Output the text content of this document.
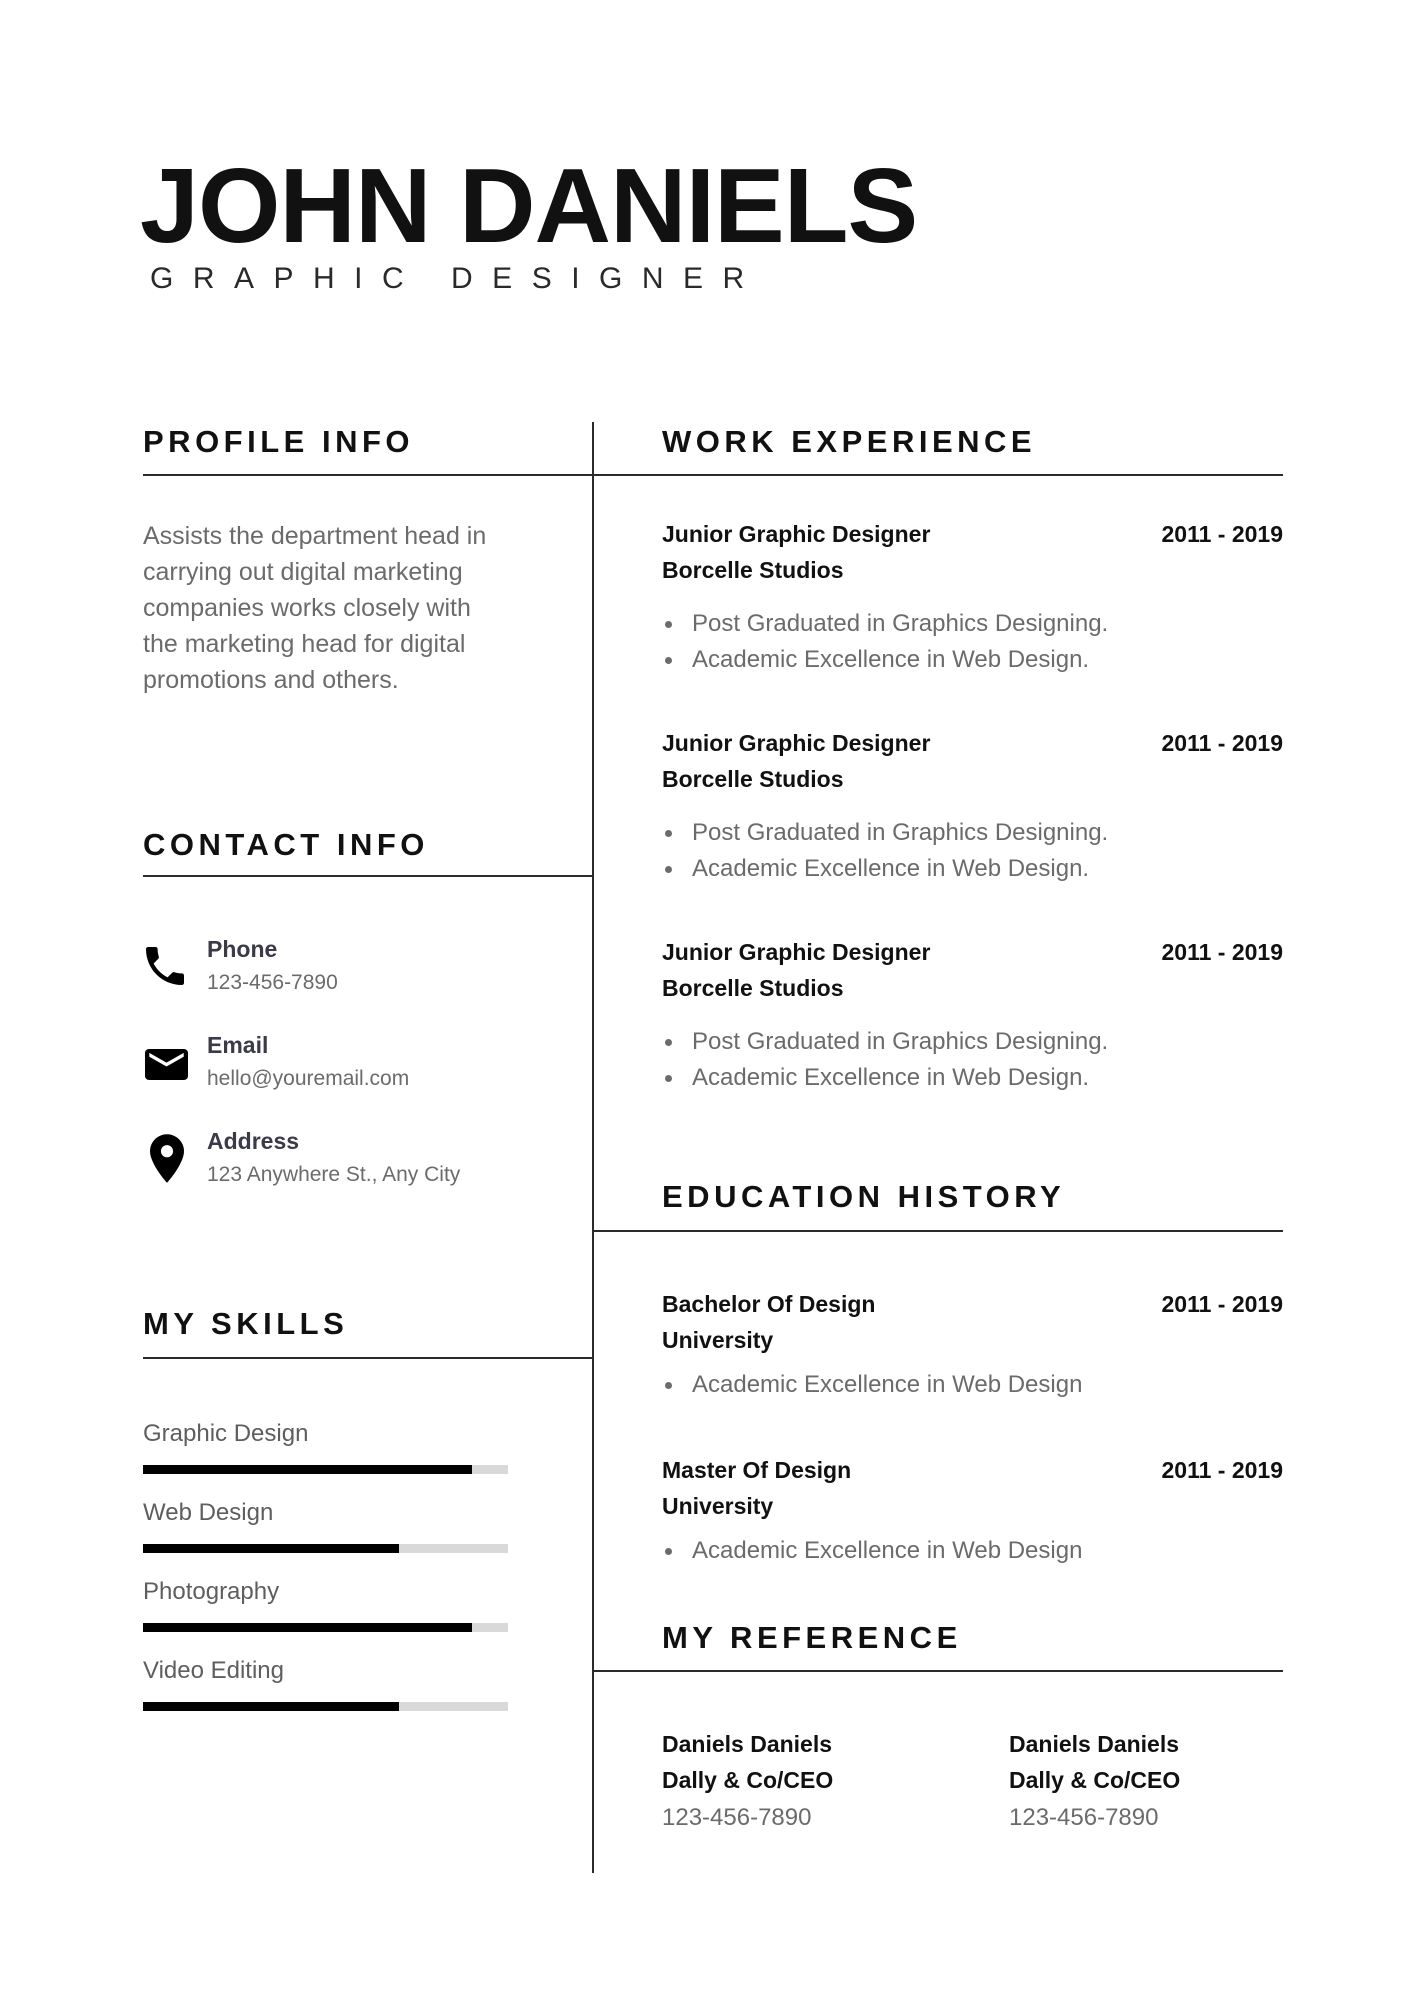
JOHN DANIELS
GRAPHIC DESIGNER
PROFILE INFO

Assists the department head in carrying out digital marketing companies works closely with the marketing head for digital promotions and others.

CONTACT INFO
Phone
123-456-7890
Email
hello@youremail.com
Address
123 Anywhere St., Any City
MY SKILLS
Graphic Design
Web Design
Photography
Video Editing
WORK EXPERIENCE
Junior Graphic Designer	2011 - 2019
Borcelle Studios
Post Graduated in Graphics Designing.
Academic Excellence in Web Design.
Junior Graphic Designer	2011 - 2019
Borcelle Studios
Post Graduated in Graphics Designing.
Academic Excellence in Web Design.
Junior Graphic Designer	2011 - 2019
Borcelle Studios
Post Graduated in Graphics Designing.
Academic Excellence in Web Design.
EDUCATION HISTORY
Bachelor Of Design	2011 - 2019
University
Academic Excellence in Web Design
Master Of Design	2011 - 2019
University
Academic Excellence in Web Design
MY REFERENCE
Daniels Daniels
Dally & Co/CEO
123-456-7890
Daniels Daniels
Dally & Co/CEO
123-456-7890
